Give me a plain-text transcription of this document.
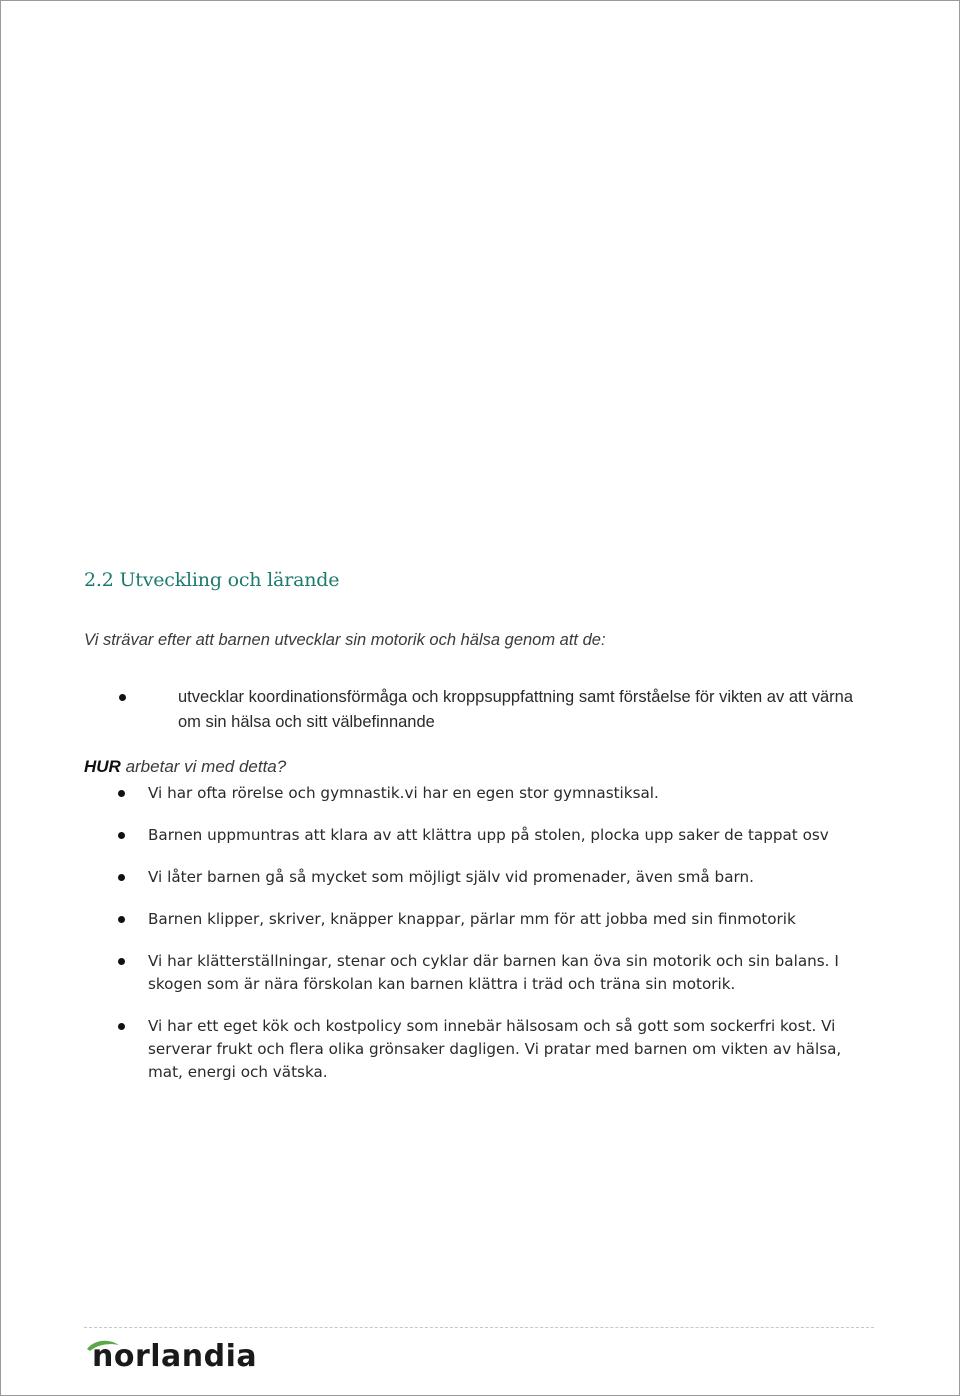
2.2 Utveckling och lärande

Vi strävar efter att barnen utvecklar sin motorik och hälsa genom att de:

utvecklar koordinationsförmåga och kroppsuppfattning samt förståelse för vikten av att värna om sin hälsa och sitt välbefinnande

HUR arbetar vi med detta?

Vi har ofta rörelse och gymnastik.vi har en egen stor gymnastiksal.
Barnen uppmuntras att klara av att klättra upp på stolen, plocka upp saker de tappat osv
Vi låter barnen gå så mycket som möjligt själv vid promenader, även små barn.
Barnen klipper, skriver, knäpper knappar, pärlar mm för att jobba med sin finmotorik
Vi har klätterställningar, stenar och cyklar där barnen kan öva sin motorik och sin balans. I skogen som är nära förskolan kan barnen klättra i träd och träna sin motorik.
Vi har ett eget kök och kostpolicy som innebär hälsosam och så gott som sockerfri kost. Vi serverar frukt och flera olika grönsaker dagligen. Vi pratar med barnen om vikten av hälsa, mat, energi och vätska.
norlandia
